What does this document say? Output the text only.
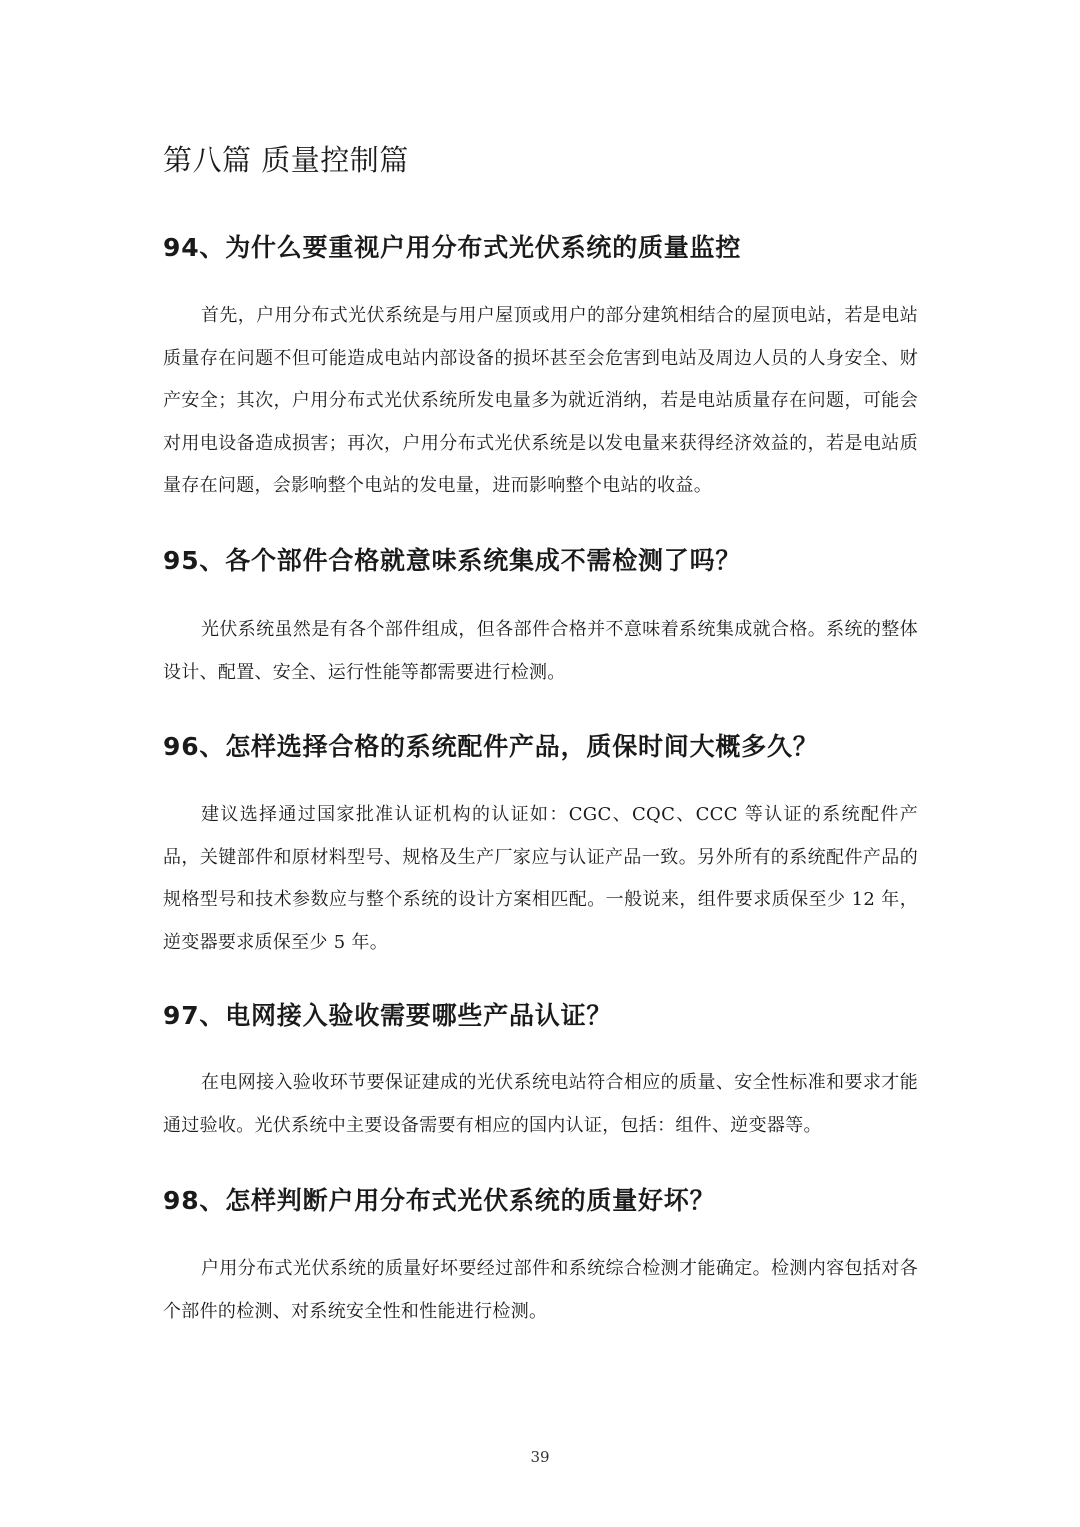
第八篇 质量控制篇
94、为什么要重视户用分布式光伏系统的质量监控

首先，户用分布式光伏系统是与用户屋顶或用户的部分建筑相结合的屋顶电站，若是电站质量存在问题不但可能造成电站内部设备的损坏甚至会危害到电站及周边人员的人身安全、财产安全；其次，户用分布式光伏系统所发电量多为就近消纳，若是电站质量存在问题，可能会对用电设备造成损害；再次，户用分布式光伏系统是以发电量来获得经济效益的，若是电站质量存在问题，会影响整个电站的发电量，进而影响整个电站的收益。

95、各个部件合格就意味系统集成不需检测了吗？

光伏系统虽然是有各个部件组成，但各部件合格并不意味着系统集成就合格。系统的整体设计、配置、安全、运行性能等都需要进行检测。

96、怎样选择合格的系统配件产品，质保时间大概多久？

建议选择通过国家批准认证机构的认证如：CGC、CQC、CCC 等认证的系统配件产品，关键部件和原材料型号、规格及生产厂家应与认证产品一致。另外所有的系统配件产品的规格型号和技术参数应与整个系统的设计方案相匹配。一般说来，组件要求质保至少 12 年，逆变器要求质保至少 5 年。

97、电网接入验收需要哪些产品认证？

在电网接入验收环节要保证建成的光伏系统电站符合相应的质量、安全性标准和要求才能通过验收。光伏系统中主要设备需要有相应的国内认证，包括：组件、逆变器等。

98、怎样判断户用分布式光伏系统的质量好坏？

户用分布式光伏系统的质量好坏要经过部件和系统综合检测才能确定。检测内容包括对各个部件的检测、对系统安全性和性能进行检测。

39
